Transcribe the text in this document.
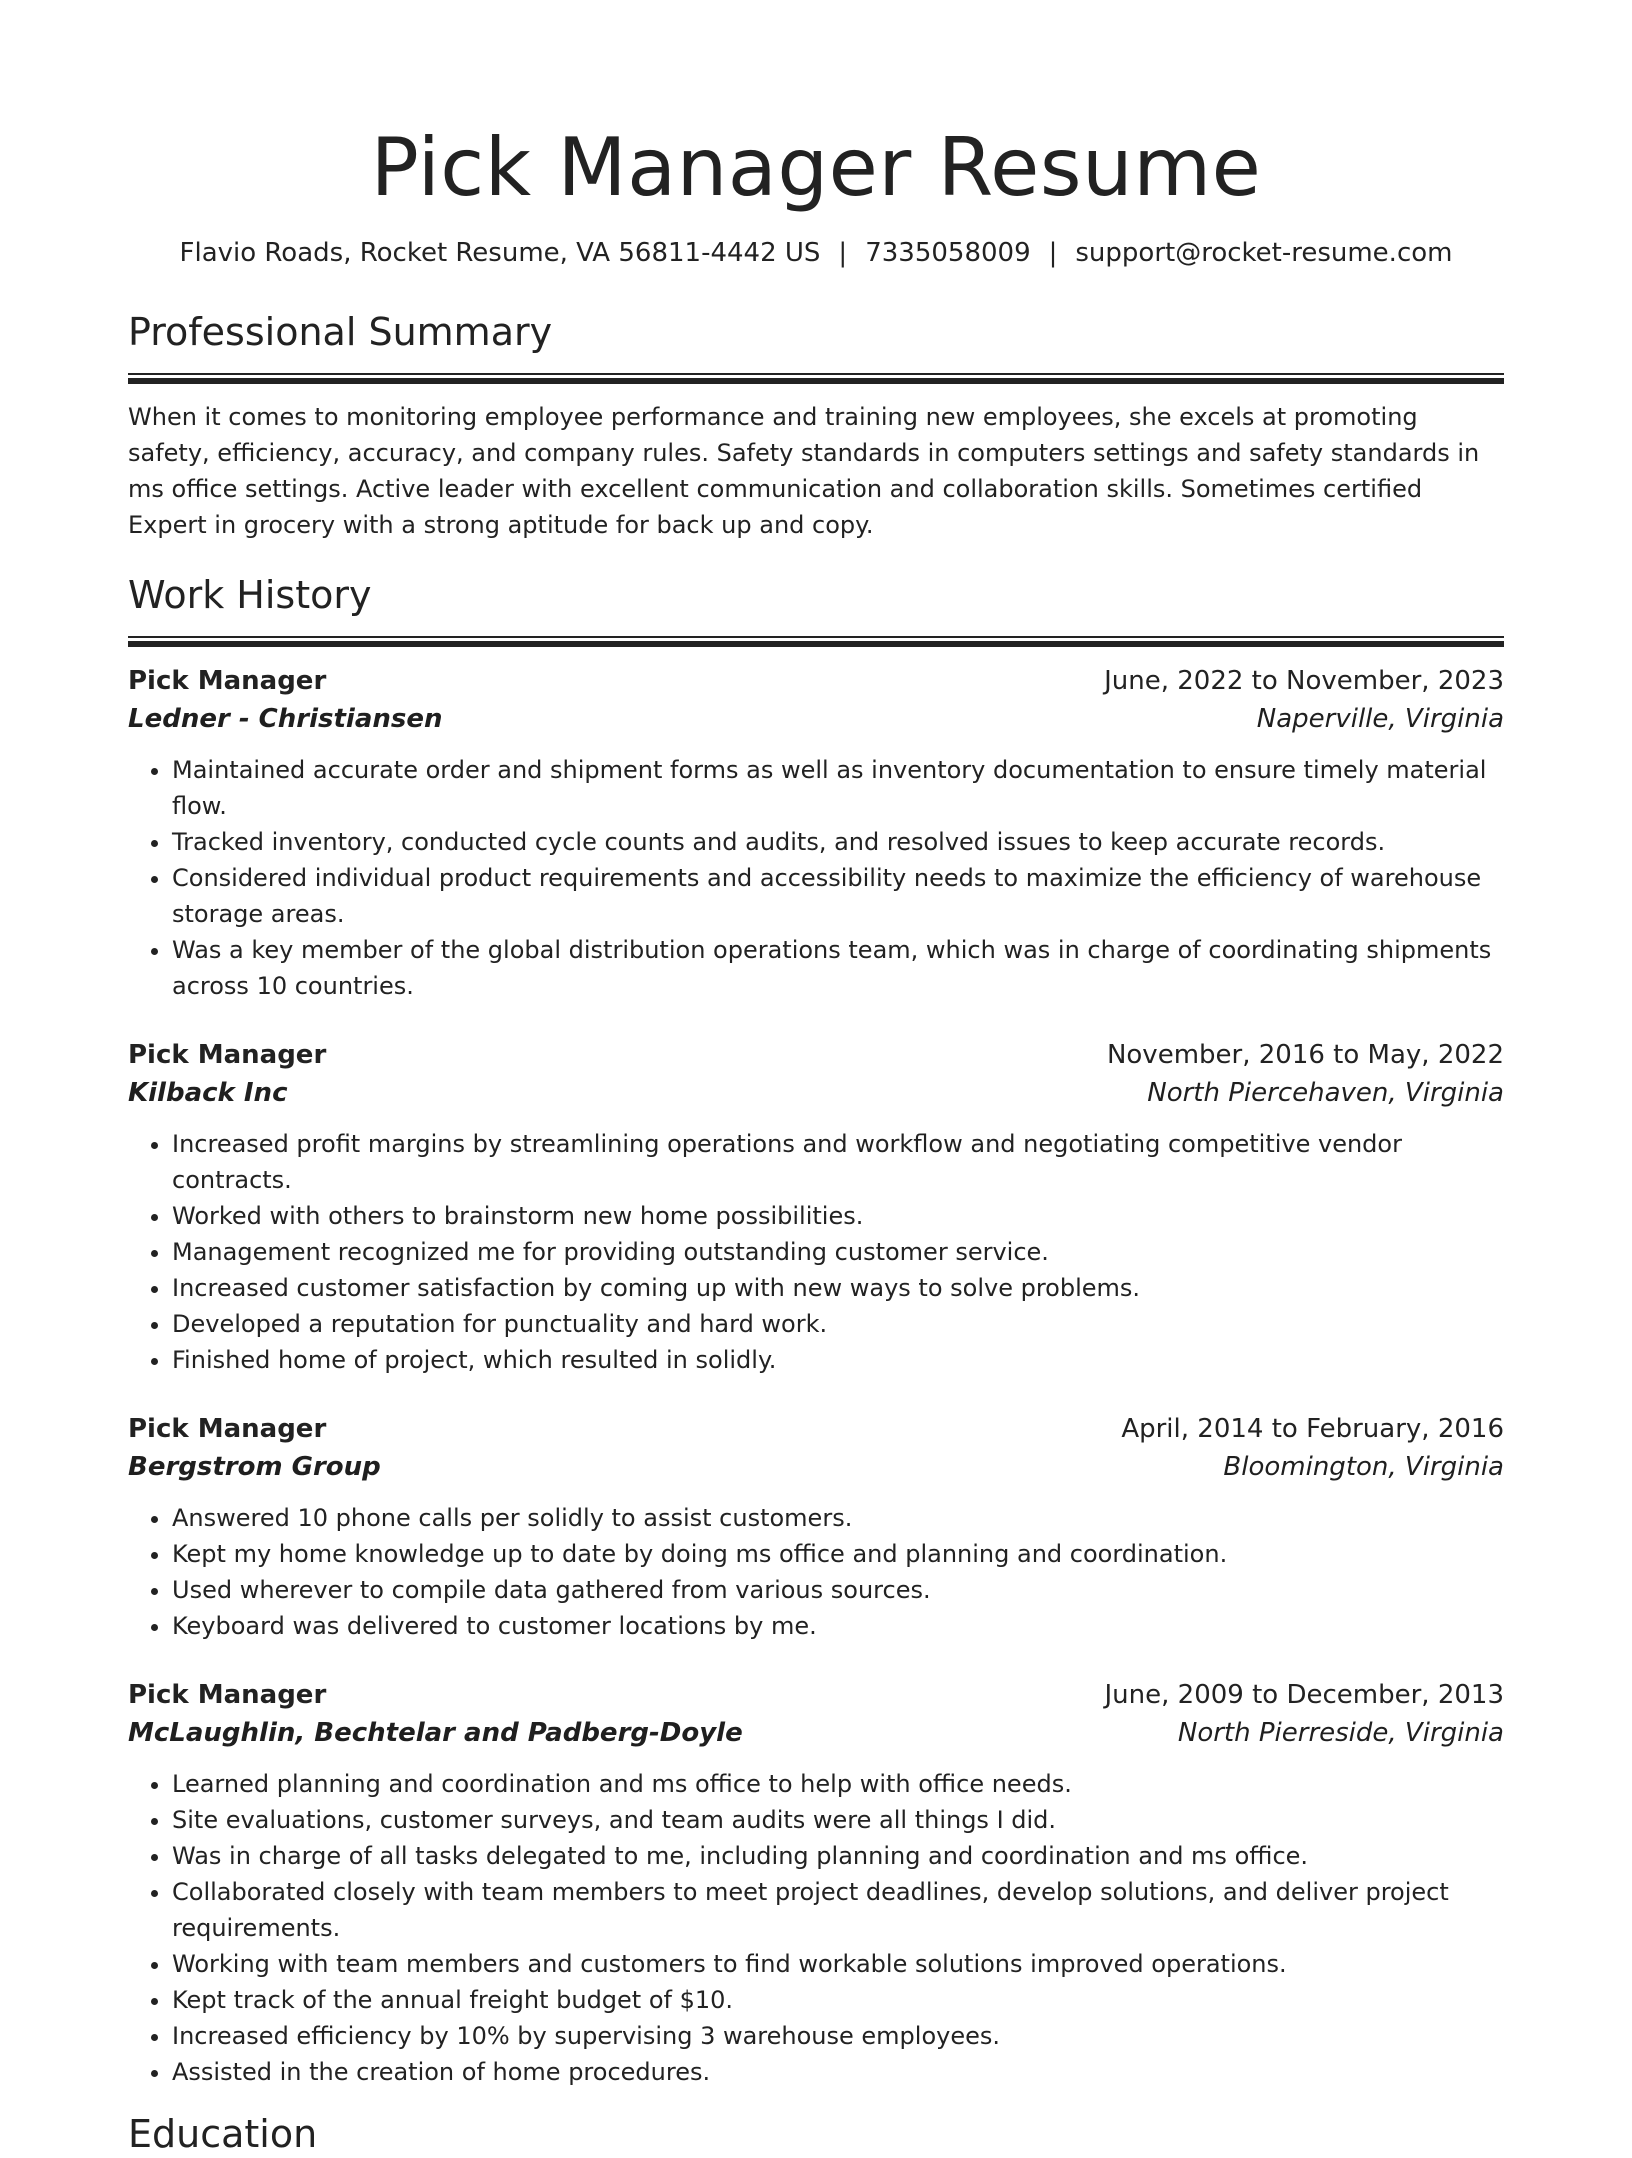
Pick Manager Resume
Flavio Roads, Rocket Resume, VA 56811-4442 US | 7335058009 | support@rocket-resume.com
Professional Summary
When it comes to monitoring employee performance and training new employees, she excels at promoting safety, efficiency, accuracy, and company rules. Safety standards in computers settings and safety standards in ms office settings. Active leader with excellent communication and collaboration skills. Sometimes certified Expert in grocery with a strong aptitude for back up and copy.
Work History
Pick Manager	June, 2022 to November, 2023
Ledner - Christiansen	Naperville, Virginia
• Maintained accurate order and shipment forms as well as inventory documentation to ensure timely material flow.
• Tracked inventory, conducted cycle counts and audits, and resolved issues to keep accurate records.
• Considered individual product requirements and accessibility needs to maximize the efficiency of warehouse storage areas.
• Was a key member of the global distribution operations team, which was in charge of coordinating shipments across 10 countries.
Pick Manager	November, 2016 to May, 2022
Kilback Inc	North Piercehaven, Virginia
• Increased profit margins by streamlining operations and workflow and negotiating competitive vendor contracts.
• Worked with others to brainstorm new home possibilities.
• Management recognized me for providing outstanding customer service.
• Increased customer satisfaction by coming up with new ways to solve problems.
• Developed a reputation for punctuality and hard work.
• Finished home of project, which resulted in solidly.
Pick Manager	April, 2014 to February, 2016
Bergstrom Group	Bloomington, Virginia
• Answered 10 phone calls per solidly to assist customers.
• Kept my home knowledge up to date by doing ms office and planning and coordination.
• Used wherever to compile data gathered from various sources.
• Keyboard was delivered to customer locations by me.
Pick Manager	June, 2009 to December, 2013
McLaughlin, Bechtelar and Padberg-Doyle	North Pierreside, Virginia
• Learned planning and coordination and ms office to help with office needs.
• Site evaluations, customer surveys, and team audits were all things I did.
• Was in charge of all tasks delegated to me, including planning and coordination and ms office.
• Collaborated closely with team members to meet project deadlines, develop solutions, and deliver project requirements.
• Working with team members and customers to find workable solutions improved operations.
• Kept track of the annual freight budget of $10.
• Increased efficiency by 10% by supervising 3 warehouse employees.
• Assisted in the creation of home procedures.
Education
